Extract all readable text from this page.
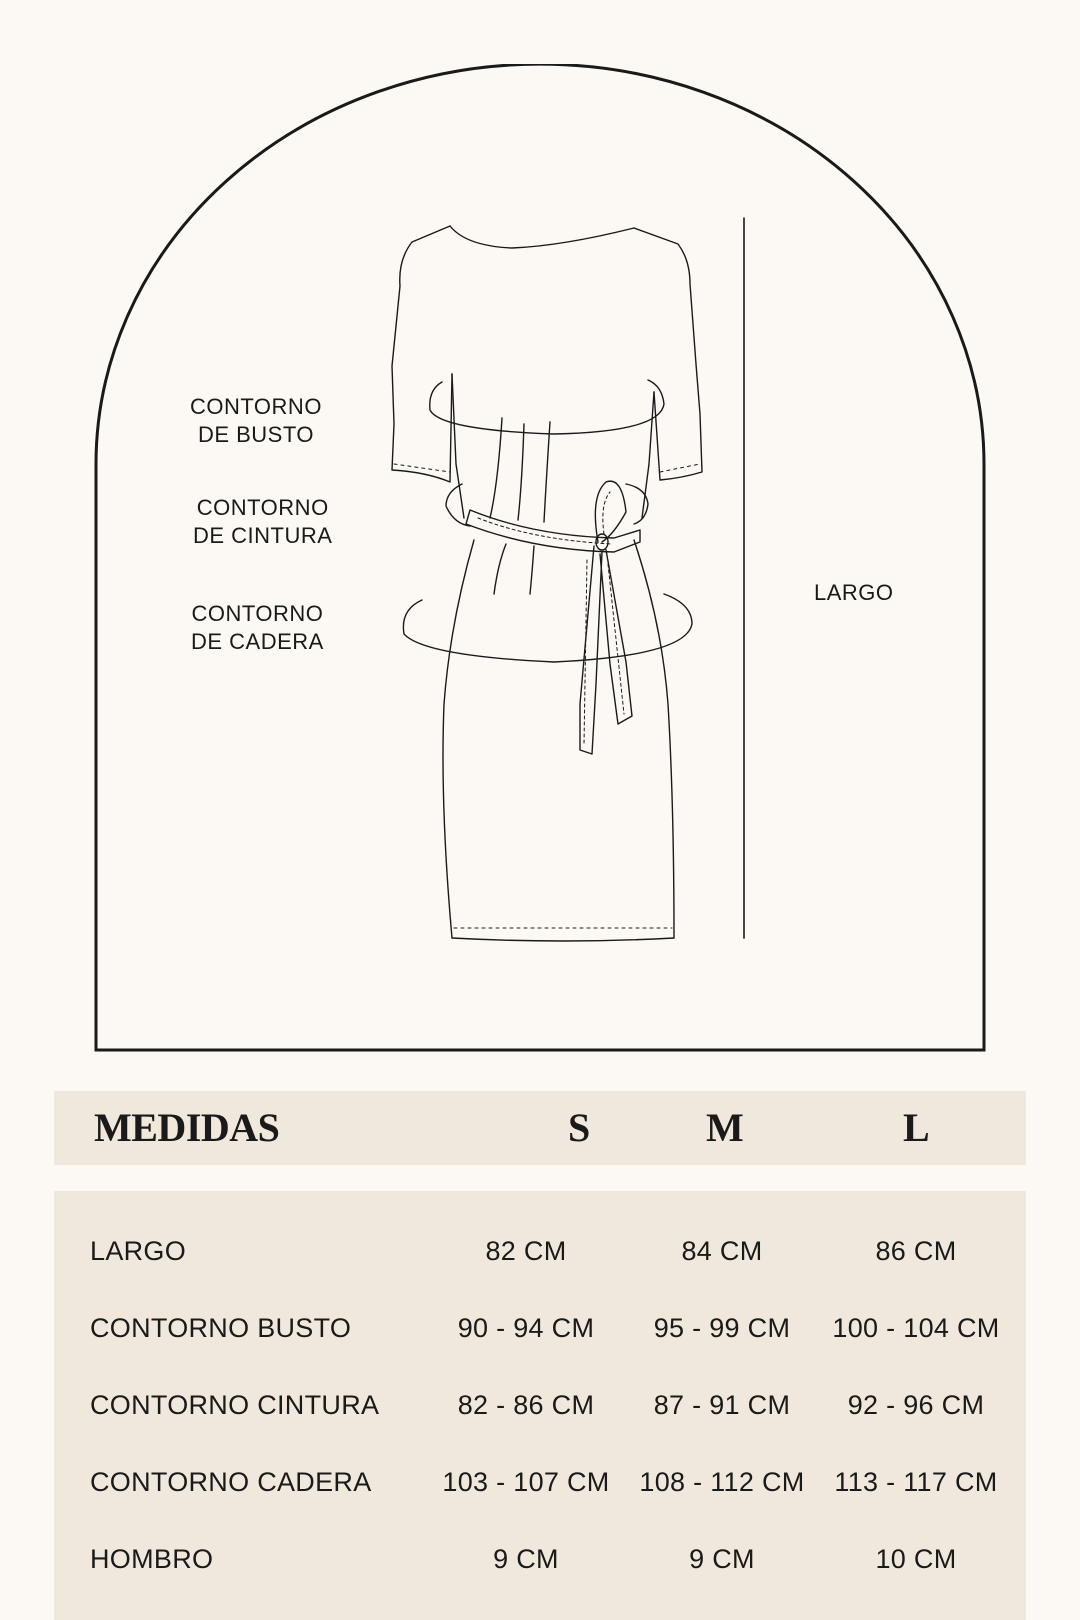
CONTORNO
DE BUSTO
CONTORNO
DE CINTURA
CONTORNO
DE CADERA
LARGO
MEDIDAS	S	M	L
LARGO	82 CM	84 CM	86 CM
CONTORNO BUSTO	90 - 94 CM	95 - 99 CM	100 - 104 CM
CONTORNO CINTURA	82 - 86 CM	87 - 91 CM	92 - 96 CM
CONTORNO CADERA	103 - 107 CM	108 - 112 CM	113 - 117 CM
HOMBRO	9 CM	9 CM	10 CM
